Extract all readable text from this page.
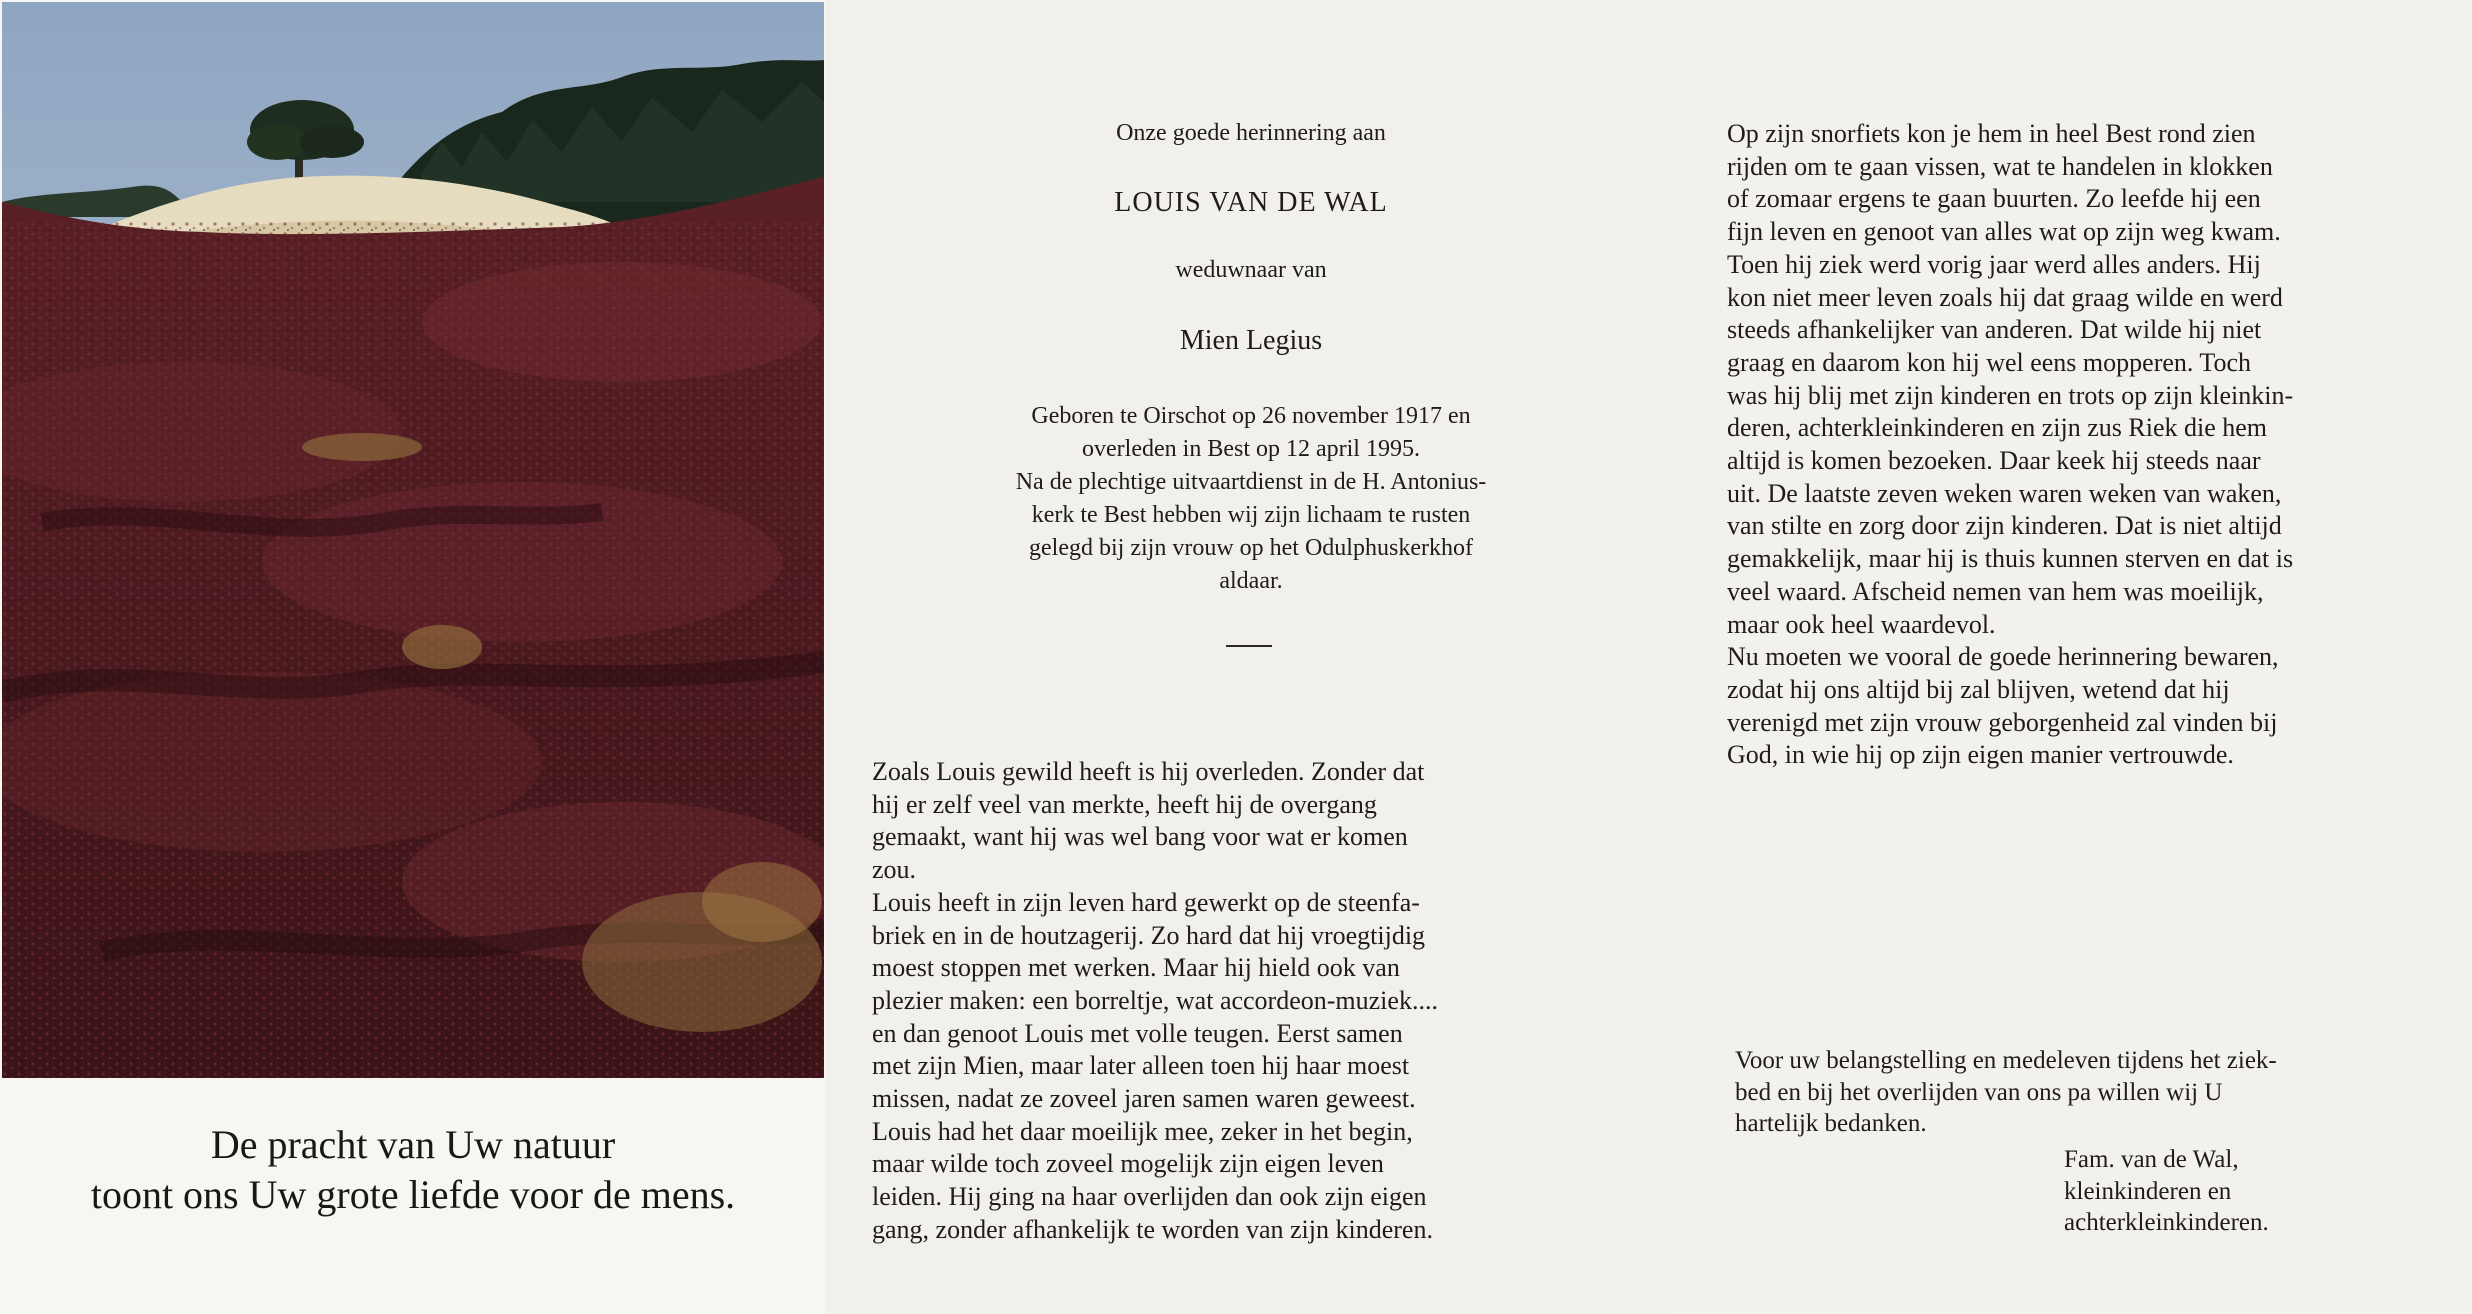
De pracht van Uw natuur
toont ons Uw grote liefde voor de mens.
Onze goede herinnering aan
LOUIS VAN DE WAL
weduwnaar van
Mien Legius
Geboren te Oirschot op 26 november 1917 en
overleden in Best op 12 april 1995.
Na de plechtige uitvaartdienst in de H. Antonius-
kerk te Best hebben wij zijn lichaam te rusten
gelegd bij zijn vrouw op het Odulphuskerkhof
aldaar.
Zoals Louis gewild heeft is hij overleden. Zonder dat
hij er zelf veel van merkte, heeft hij de overgang
gemaakt, want hij was wel bang voor wat er komen
zou.
Louis heeft in zijn leven hard gewerkt op de steenfa-
briek en in de houtzagerij. Zo hard dat hij vroegtijdig
moest stoppen met werken. Maar hij hield ook van
plezier maken: een borreltje, wat accordeon-muziek....
en dan genoot Louis met volle teugen. Eerst samen
met zijn Mien, maar later alleen toen hij haar moest
missen, nadat ze zoveel jaren samen waren geweest.
Louis had het daar moeilijk mee, zeker in het begin,
maar wilde toch zoveel mogelijk zijn eigen leven
leiden. Hij ging na haar overlijden dan ook zijn eigen
gang, zonder afhankelijk te worden van zijn kinderen.
Op zijn snorfiets kon je hem in heel Best rond zien
rijden om te gaan vissen, wat te handelen in klokken
of zomaar ergens te gaan buurten. Zo leefde hij een
fijn leven en genoot van alles wat op zijn weg kwam.
Toen hij ziek werd vorig jaar werd alles anders. Hij
kon niet meer leven zoals hij dat graag wilde en werd
steeds afhankelijker van anderen. Dat wilde hij niet
graag en daarom kon hij wel eens mopperen. Toch
was hij blij met zijn kinderen en trots op zijn kleinkin-
deren, achterkleinkinderen en zijn zus Riek die hem
altijd is komen bezoeken. Daar keek hij steeds naar
uit. De laatste zeven weken waren weken van waken,
van stilte en zorg door zijn kinderen. Dat is niet altijd
gemakkelijk, maar hij is thuis kunnen sterven en dat is
veel waard. Afscheid nemen van hem was moeilijk,
maar ook heel waardevol.
Nu moeten we vooral de goede herinnering bewaren,
zodat hij ons altijd bij zal blijven, wetend dat hij
verenigd met zijn vrouw geborgenheid zal vinden bij
God, in wie hij op zijn eigen manier vertrouwde.
Voor uw belangstelling en medeleven tijdens het ziek-
bed en bij het overlijden van ons pa willen wij U
hartelijk bedanken.
Fam. van de Wal,
kleinkinderen en
achterkleinkinderen.
